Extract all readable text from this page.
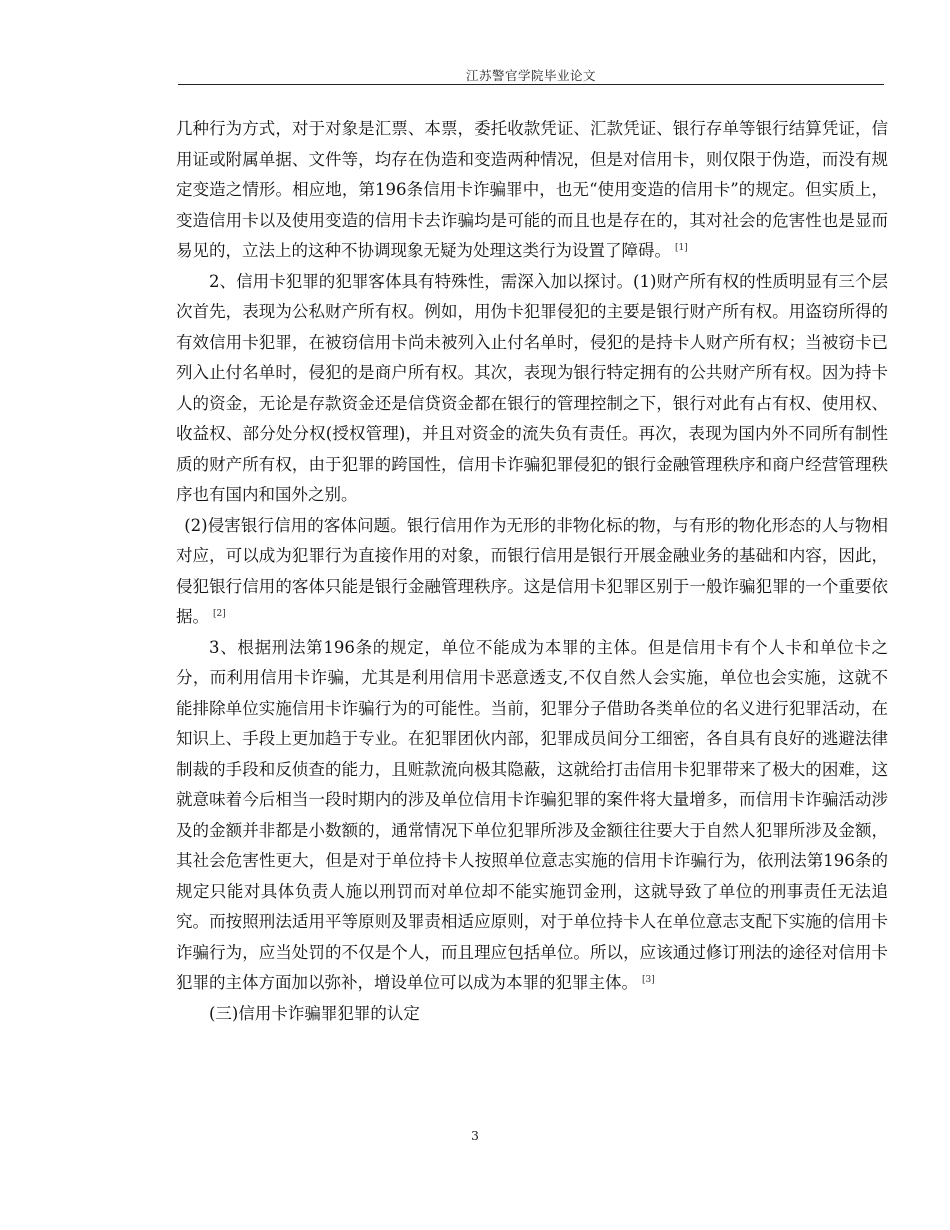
江苏警官学院毕业论文

几种行为方式，对于对象是汇票、本票，委托收款凭证、汇款凭证、银行存单等银行结算凭证，信用证或附属单据、文件等，均存在伪造和变造两种情况，但是对信用卡，则仅限于伪造，而没有规定变造之情形。相应地，第196条信用卡诈骗罪中，也无“使用变造的信用卡”的规定。但实质上，变造信用卡以及使用变造的信用卡去诈骗均是可能的而且也是存在的，其对社会的危害性也是显而易见的，立法上的这种不协调现象无疑为处理这类行为设置了障碍。 [1]

2、信用卡犯罪的犯罪客体具有特殊性，需深入加以探讨。(1)财产所有权的性质明显有三个层次首先，表现为公私财产所有权。例如，用伪卡犯罪侵犯的主要是银行财产所有权。用盗窃所得的有效信用卡犯罪，在被窃信用卡尚未被列入止付名单时，侵犯的是持卡人财产所有权；当被窃卡已列入止付名单时，侵犯的是商户所有权。其次，表现为银行特定拥有的公共财产所有权。因为持卡人的资金，无论是存款资金还是信贷资金都在银行的管理控制之下，银行对此有占有权、使用权、收益权、部分处分权(授权管理)，并且对资金的流失负有责任。再次，表现为国内外不同所有制性质的财产所有权，由于犯罪的跨国性，信用卡诈骗犯罪侵犯的银行金融管理秩序和商户经营管理秩序也有国内和国外之别。

(2)侵害银行信用的客体问题。银行信用作为无形的非物化标的物，与有形的物化形态的人与物相对应，可以成为犯罪行为直接作用的对象，而银行信用是银行开展金融业务的基础和内容，因此，侵犯银行信用的客体只能是银行金融管理秩序。这是信用卡犯罪区别于一般诈骗犯罪的一个重要依据。 [2]

3、根据刑法第196条的规定，单位不能成为本罪的主体。但是信用卡有个人卡和单位卡之分，而利用信用卡诈骗，尤其是利用信用卡恶意透支,不仅自然人会实施，单位也会实施，这就不能排除单位实施信用卡诈骗行为的可能性。当前，犯罪分子借助各类单位的名义进行犯罪活动，在知识上、手段上更加趋于专业。在犯罪团伙内部，犯罪成员间分工细密，各自具有良好的逃避法律制裁的手段和反侦查的能力，且赃款流向极其隐蔽，这就给打击信用卡犯罪带来了极大的困难，这就意味着今后相当一段时期内的涉及单位信用卡诈骗犯罪的案件将大量增多，而信用卡诈骗活动涉及的金额并非都是小数额的，通常情况下单位犯罪所涉及金额往往要大于自然人犯罪所涉及金额，其社会危害性更大，但是对于单位持卡人按照单位意志实施的信用卡诈骗行为，依刑法第196条的规定只能对具体负责人施以刑罚而对单位却不能实施罚金刑，这就导致了单位的刑事责任无法追究。而按照刑法适用平等原则及罪责相适应原则，对于单位持卡人在单位意志支配下实施的信用卡诈骗行为，应当处罚的不仅是个人，而且理应包括单位。所以，应该通过修订刑法的途径对信用卡犯罪的主体方面加以弥补，增设单位可以成为本罪的犯罪主体。 [3]

(三)信用卡诈骗罪犯罪的认定

3
